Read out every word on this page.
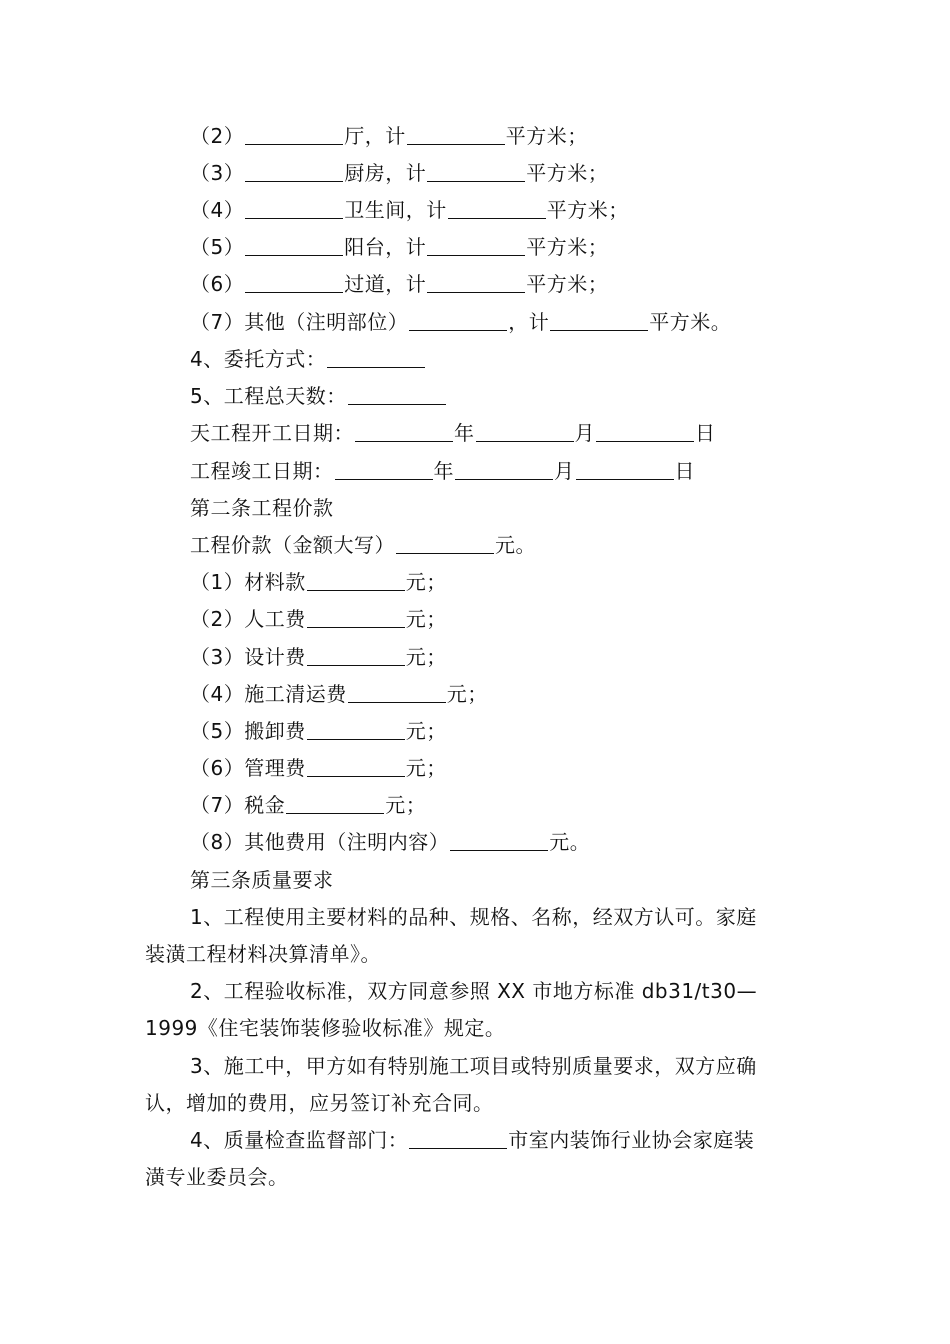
（2）	厅，计	平方米；
（3）	厨房，计	平方米；
（4）	卫生间，计	平方米；
（5）	阳台，计	平方米；
（6）	过道，计	平方米；
（7）其他（注明部位）	，计	平方米。
4、委托方式：
5、工程总天数：
天工程开工日期：	年	月	日
工程竣工日期：	年	月	日
第二条工程价款
工程价款（金额大写）	元。
（1）材料款	元；
（2）人工费	元；
（3）设计费	元；
（4）施工清运费	元；
（5）搬卸费	元；
（6）管理费	元；
（7）税金	元；
（8）其他费用（注明内容）	元。
第三条质量要求
1、工程使用主要材料的品种、规格、名称，经双方认可。家庭
装潢工程材料决算清单》。
2、工程验收标准，双方同意参照 XX 市地方标准 db31/t30—
1999《住宅装饰装修验收标准》规定。
3、施工中，甲方如有特别施工项目或特别质量要求，双方应确
认，增加的费用，应另签订补充合同。
4、质量检查监督部门：	市室内装饰行业协会家庭装
潢专业委员会。
